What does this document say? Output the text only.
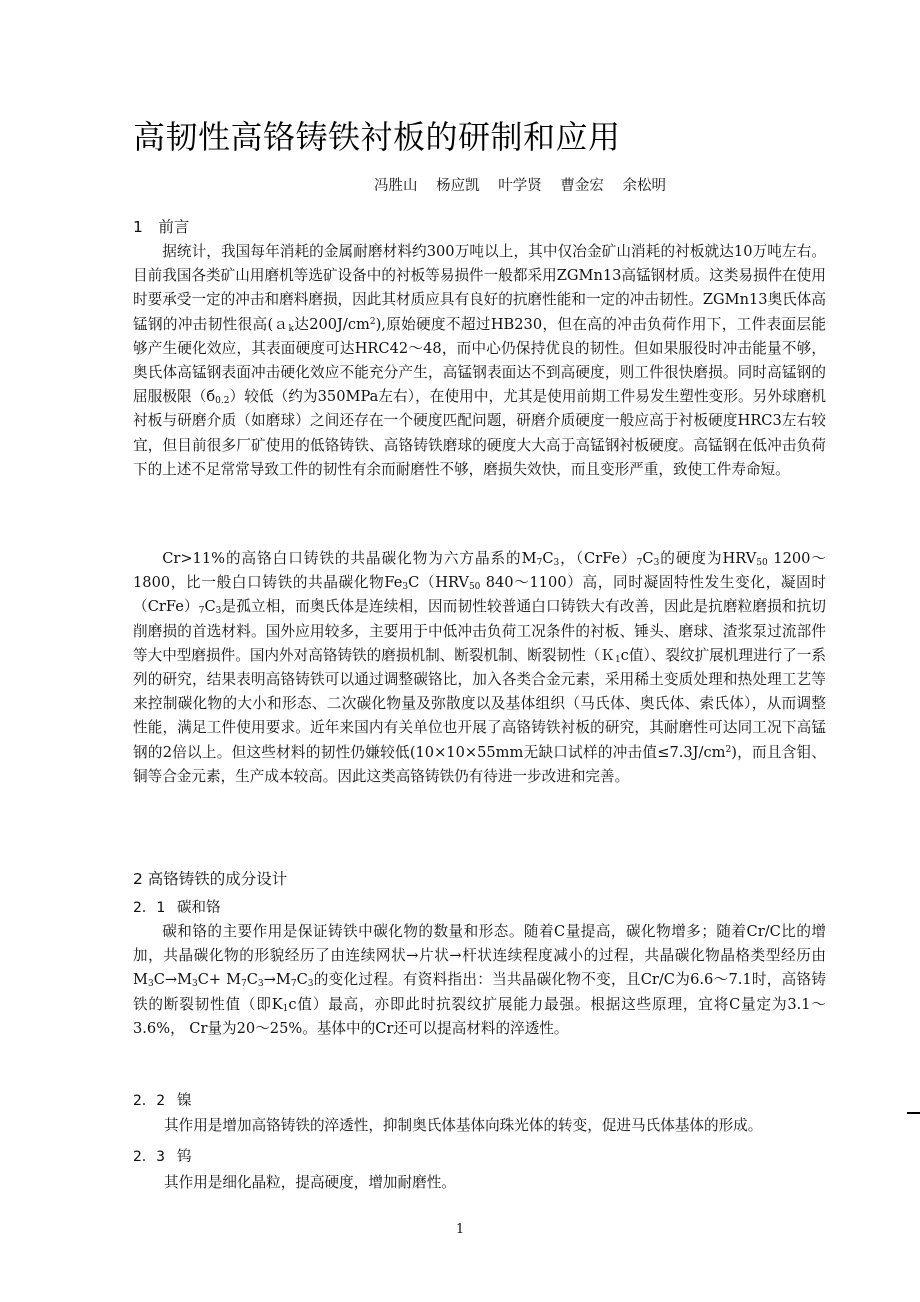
高韧性高铬铸铁衬板的研制和应用
冯胜山 杨应凯 叶学贤 曹金宏 余松明
1　前言

据统计，我国每年消耗的金属耐磨材料约300万吨以上，其中仅冶金矿山消耗的衬板就达10万吨左右。目前我国各类矿山用磨机等选矿设备中的衬板等易损件一般都采用ZGMn13高锰钢材质。这类易损件在使用时要承受一定的冲击和磨料磨损，因此其材质应具有良好的抗磨性能和一定的冲击韧性。ZGMn13奥氏体高锰钢的冲击韧性很高(ａ$_k$达$200J/cm^2$),原始硬度不超过HB230，但在高的冲击负荷作用下，工件表面层能够产生硬化效应，其表面硬度可达HRC42～48，而中心仍保持优良的韧性。但如果服役时冲击能量不够，奥氏体高锰钢表面冲击硬化效应不能充分产生，高锰钢表面达不到高硬度，则工件很快磨损。同时高锰钢的屈服极限$(б_{0.2})$较低（约为350MPa左右），在使用中，尤其是使用前期工件易发生塑性变形。另外球磨机衬板与研磨介质（如磨球）之间还存在一个硬度匹配问题，研磨介质硬度一般应高于衬板硬度HRC3左右较宜，但目前很多厂矿使用的低铬铸铁、高铬铸铁磨球的硬度大大高于高锰钢衬板硬度。高锰钢在低冲击负荷下的上述不足常常导致工件的韧性有余而耐磨性不够，磨损失效快，而且变形严重，致使工件寿命短。

Cr>11%的高铬白口铸铁的共晶碳化物为六方晶系的$M_7C_3$，$(CrFe)_7C_3$的硬度为$HRV_{50}$ 1200～1800，比一般白口铸铁的共晶碳化物$Fe_3C(HRV_{50}$ 840～1100）高，同时凝固特性发生变化，凝固时$(CrFe)_7C_3$是孤立相，而奥氏体是连续相，因而韧性较普通白口铸铁大有改善，因此是抗磨粒磨损和抗切削磨损的首选材料。国外应用较多，主要用于中低冲击负荷工况条件的衬板、锤头、磨球、渣浆泵过流部件等大中型磨损件。国内外对高铬铸铁的磨损机制、断裂机制、断裂韧性（Ｋ$_1$c值）、裂纹扩展机理进行了一系列的研究，结果表明高铬铸铁可以通过调整碳铬比，加入各类合金元素，采用稀土变质处理和热处理工艺等来控制碳化物的大小和形态、二次碳化物量及弥散度以及基体组织（马氏体、奥氏体、索氏体），从而调整性能，满足工件使用要求。近年来国内有关单位也开展了高铬铸铁衬板的研究，其耐磨性可达同工况下高锰钢的2倍以上。但这些材料的韧性仍嫌较低(10×10×55mm无缺口试样的冲击值$\le 7.3J/cm^2$)，而且含钼、铜等合金元素，生产成本较高。因此这类高铬铸铁仍有待进一步改进和完善。

2 高铬铸铁的成分设计
2．1 碳和铬

碳和铬的主要作用是保证铸铁中碳化物的数量和形态。随着C量提高，碳化物增多；随着Cr/C比的增加，共晶碳化物的形貌经历了由连续网状→片状→杆状连续程度减小的过程，共晶碳化物晶格类型经历由$M_3C\to M_3C+ M_7C_3\to M_7C_3$的变化过程。有资料指出：当共晶碳化物不变，且Cr/C为6.6～7.1时，高铬铸铁的断裂韧性值（即$K_1c$值）最高，亦即此时抗裂纹扩展能力最强。根据这些原理，宜将C量定为3.1～3.6%， Cr量为20～25%。基体中的Cr还可以提高材料的淬透性。

2．2 镍

其作用是增加高铬铸铁的淬透性，抑制奥氏体基体向珠光体的转变，促进马氏体基体的形成。

2．3 钨

其作用是细化晶粒，提高硬度，增加耐磨性。

1
